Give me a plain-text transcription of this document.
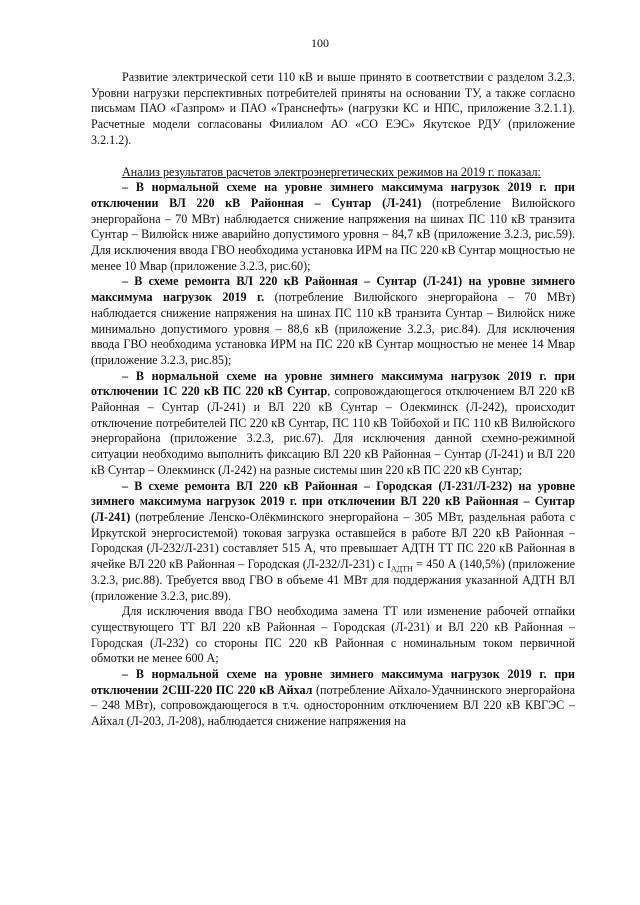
100

Развитие электрической сети 110 кВ и выше принято в соответствии с разделом 3.2.3. Уровни нагрузки перспективных потребителей приняты на основании ТУ, а также согласно письмам ПАО «Газпром» и ПАО «Транснефть» (нагрузки КС и НПС, приложение 3.2.1.1). Расчетные модели согласованы Филиалом АО «СО ЕЭС» Якутское РДУ (приложение 3.2.1.2).

Анализ результатов расчетов электроэнергетических режимов на 2019 г. показал:

– В нормальной схеме на уровне зимнего максимума нагрузок 2019 г. при отключении ВЛ 220 кВ Районная – Сунтар (Л-241) (потребление Вилюйского энергорайона – 70 МВт) наблюдается снижение напряжения на шинах ПС 110 кВ транзита Сунтар – Вилюйск ниже аварийно допустимого уровня – 84,7 кВ (приложение 3.2.3, рис.59). Для исключения ввода ГВО необходима установка ИРМ на ПС 220 кВ Сунтар мощностью не менее 10 Мвар (приложение 3.2.3, рис.60);

– В схеме ремонта ВЛ 220 кВ Районная – Сунтар (Л-241) на уровне зимнего максимума нагрузок 2019 г. (потребление Вилюйского энергорайона – 70 МВт) наблюдается снижение напряжения на шинах ПС 110 кВ транзита Сунтар – Вилюйск ниже минимально допустимого уровня – 88,6 кВ (приложение 3.2.3, рис.84). Для исключения ввода ГВО необходима установка ИРМ на ПС 220 кВ Сунтар мощностью не менее 14 Мвар (приложение 3.2.3, рис.85);

– В нормальной схеме на уровне зимнего максимума нагрузок 2019 г. при отключении 1С 220 кВ ПС 220 кВ Сунтар, сопровождающегося отключением ВЛ 220 кВ Районная – Сунтар (Л-241) и ВЛ 220 кВ Сунтар – Олекминск (Л-242), происходит отключение потребителей ПС 220 кВ Сунтар, ПС 110 кВ Тойбохой и ПС 110 кВ Вилюйского энергорайона (приложение 3.2.3, рис.67). Для исключения данной схемно-режимной ситуации необходимо выполнить фиксацию ВЛ 220 кВ Районная – Сунтар (Л-241) и ВЛ 220 кВ Сунтар – Олекминск (Л-242) на разные системы шин 220 кВ ПС 220 кВ Сунтар;

– В схеме ремонта ВЛ 220 кВ Районная – Городская (Л-231/Л-232) на уровне зимнего максимума нагрузок 2019 г. при отключении ВЛ 220 кВ Районная – Сунтар (Л-241) (потребление Ленско-Олёкминского энергорайона – 305 МВт, раздельная работа с Иркутской энергосистемой) токовая загрузка оставшейся в работе ВЛ 220 кВ Районная – Городская (Л-232/Л-231) составляет 515 А, что превышает АДТН ТТ ПС 220 кВ Районная в ячейке ВЛ 220 кВ Районная – Городская (Л-232/Л-231) с $I_{АДТН} = 450$ А (140,5%) (приложение 3.2.3, рис.88). Требуется ввод ГВО в объеме 41 МВт для поддержания указанной АДТН ВЛ (приложение 3.2.3, рис.89).

Для исключения ввода ГВО необходима замена ТТ или изменение рабочей отпайки существующего ТТ ВЛ 220 кВ Районная – Городская (Л-231) и ВЛ 220 кВ Районная – Городская (Л-232) со стороны ПС 220 кВ Районная с номинальным током первичной обмотки не менее 600 А;

– В нормальной схеме на уровне зимнего максимума нагрузок 2019 г. при отключении 2СШ-220 ПС 220 кВ Айхал (потребление Айхало-Удачнинского энергорайона – 248 МВт), сопровождающегося в т.ч. односторонним отключением ВЛ 220 кВ КВГЭС – Айхал (Л-203, Л-208), наблюдается снижение напряжения на
